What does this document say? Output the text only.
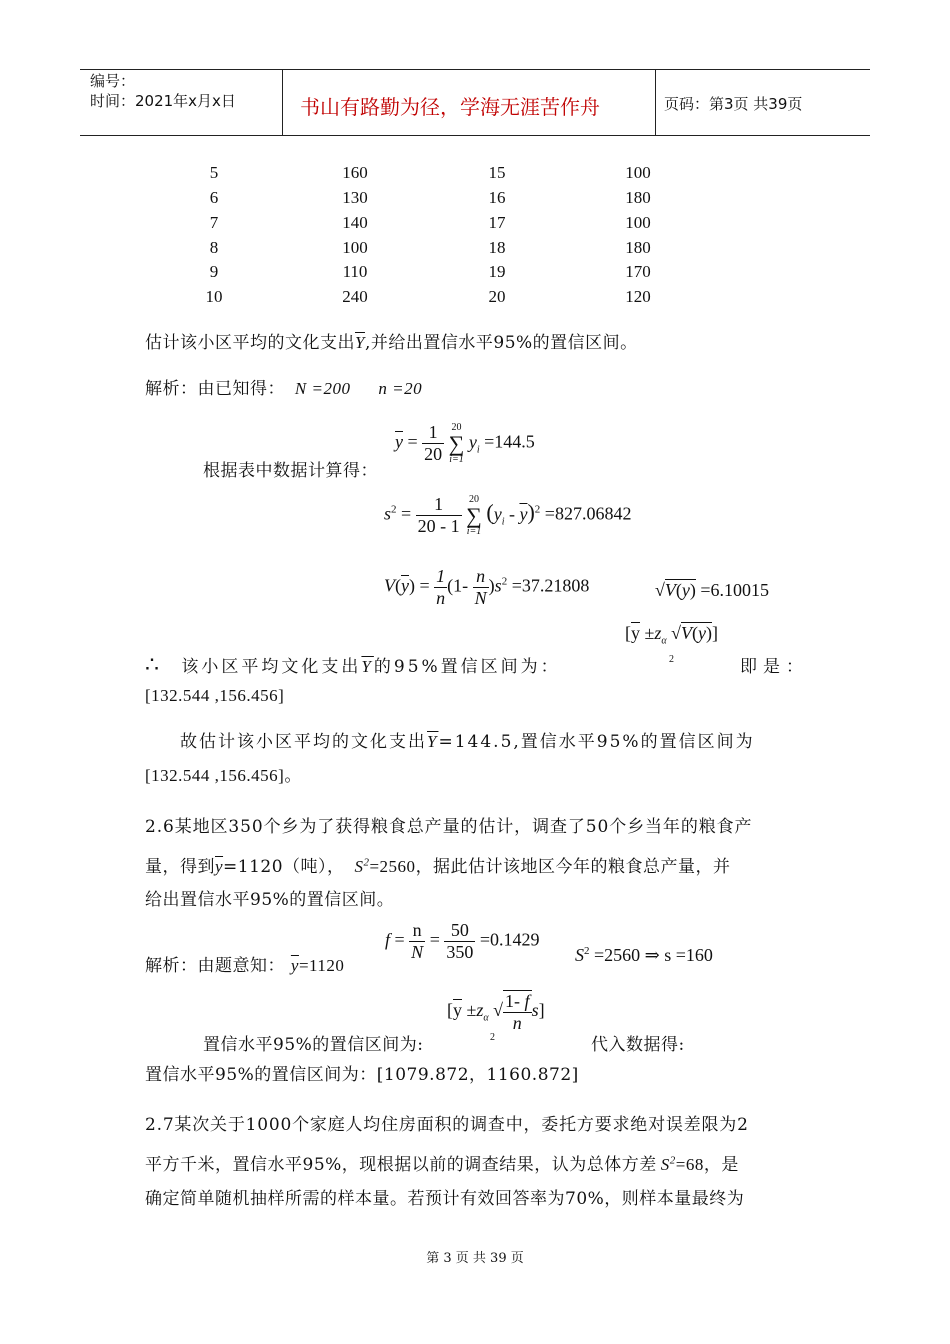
编号：
时间：2021年x月x日	书山有路勤为径，学海无涯苦作舟	页码：第3页 共39页
5	160	15	100
6	130	16	180
7	140	17	100
8	100	18	180
9	110	19	170
10	240	20	120
估计该小区平均的文化支出$\overline{Y}$,并给出置信水平95%的置信区间。
解析：由已知得： N =200 n =20
$\overline{y} = \frac{1}{20}$
20
∑
i=1
$y_i =144.5$
根据表中数据计算得：
$s^2 = \frac{1}{20 - 1}$
20
∑
i=1
$(y_i - \overline{y})^2 =827.06842$
$V(\overline{y}) = \frac{1}{n} (1- \frac{n}{N} )s^2 =37.21808$	$√V(\overline{y}) =6.10015$
[$\overline{y} \pm z_\alpha$ $√V(\overline{y})$]
2
∴ 该小区平均文化支出$\overline{Y}$的95%置信区间为：	即是：
[132.544 ,156.456]
故估计该小区平均的文化支出$\overline{Y}=144.5$,置信水平95%的置信区间为
[132.544 ,156.456]。
2.6某地区350个乡为了获得粮食总产量的估计，调查了50个乡当年的粮食产
量，得到$\overline{y}=1120$（吨）， $S^2=2560$，据此估计该地区今年的粮食总产量，并
给出置信水平95%的置信区间。
解析：由题意知： $\overline{y}=1120$
$f = \frac{n}{N} = \frac{50}{350} =0.1429$
$S^2 =2560$ ⇒ s =160
[$\overline{y} \pm z_\alpha$ √ $\frac{1- f}{n} s$]
2
置信水平95%的置信区间为:	代入数据得:
置信水平95%的置信区间为：[1079.872，1160.872]
2.7某次关于1000个家庭人均住房面积的调查中，委托方要求绝对误差限为2
平方千米，置信水平95%，现根据以前的调查结果，认为总体方差 $S^2=68$，是
确定简单随机抽样所需的样本量。若预计有效回答率为70%，则样本量最终为
第 3 页 共 39 页
